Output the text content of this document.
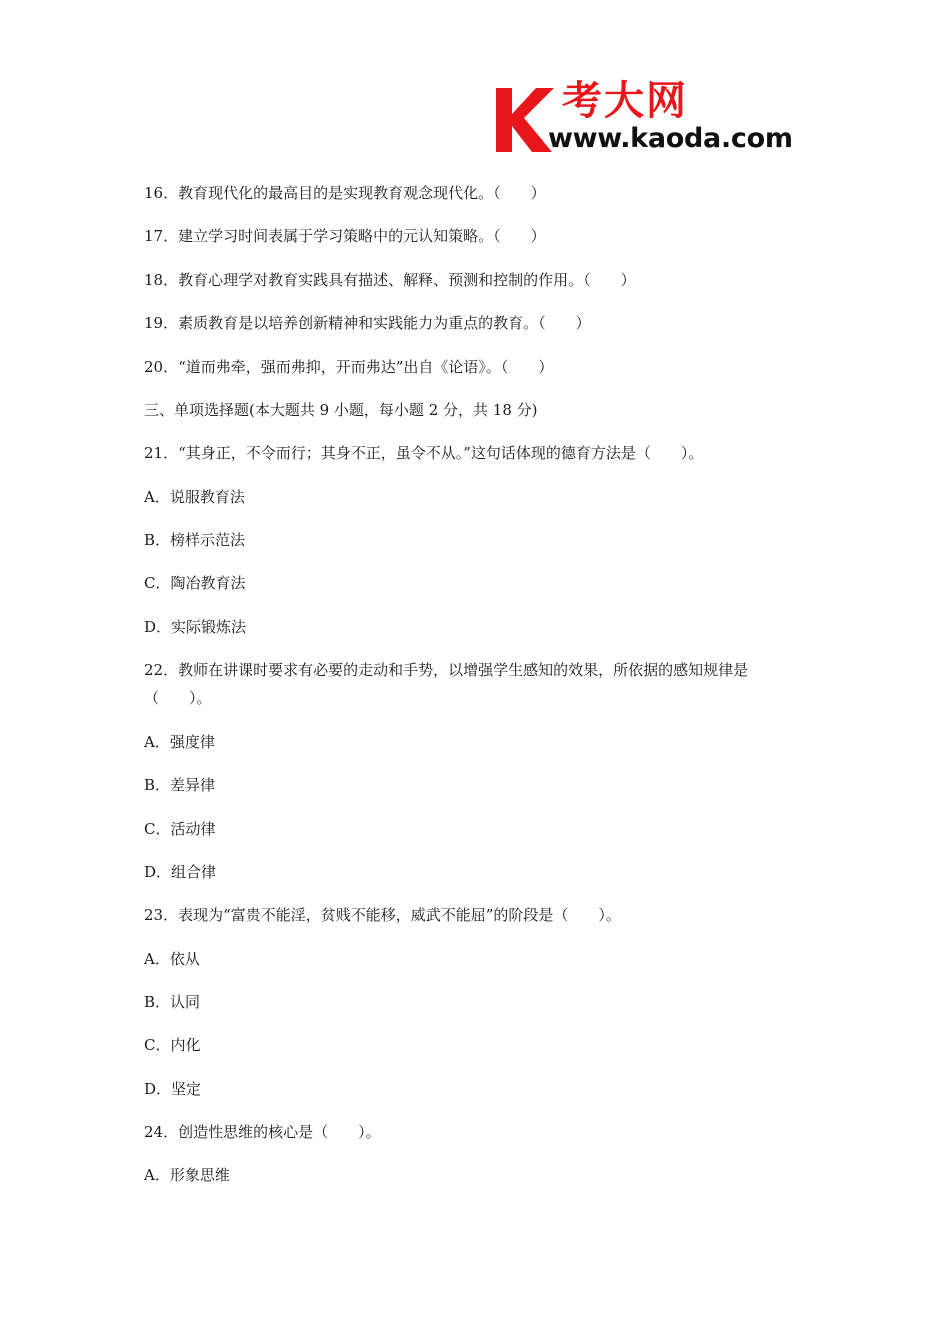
考大网
www.kaoda.com
16．教育现代化的最高目的是实现教育观念现代化。（　　）
17．建立学习时间表属于学习策略中的元认知策略。（　　）
18．教育心理学对教育实践具有描述、解释、预测和控制的作用。（　　）
19．素质教育是以培养创新精神和实践能力为重点的教育。（　　）
20．“道而弗牵，强而弗抑，开而弗达”出自《论语》。（　　）
三、单项选择题(本大题共 9 小题，每小题 2 分，共 18 分)
21．“其身正，不令而行；其身不正，虽令不从。”这句话体现的德育方法是（　　）。
A．说服教育法
B．榜样示范法
C．陶冶教育法
D．实际锻炼法
22．教师在讲课时要求有必要的走动和手势，以增强学生感知的效果，所依据的感知规律是（　　）。
A．强度律
B．差异律
C．活动律
D．组合律
23．表现为“富贵不能淫，贫贱不能移，威武不能屈”的阶段是（　　）。
A．依从
B．认同
C．内化
D．坚定
24．创造性思维的核心是（　　）。
A．形象思维
